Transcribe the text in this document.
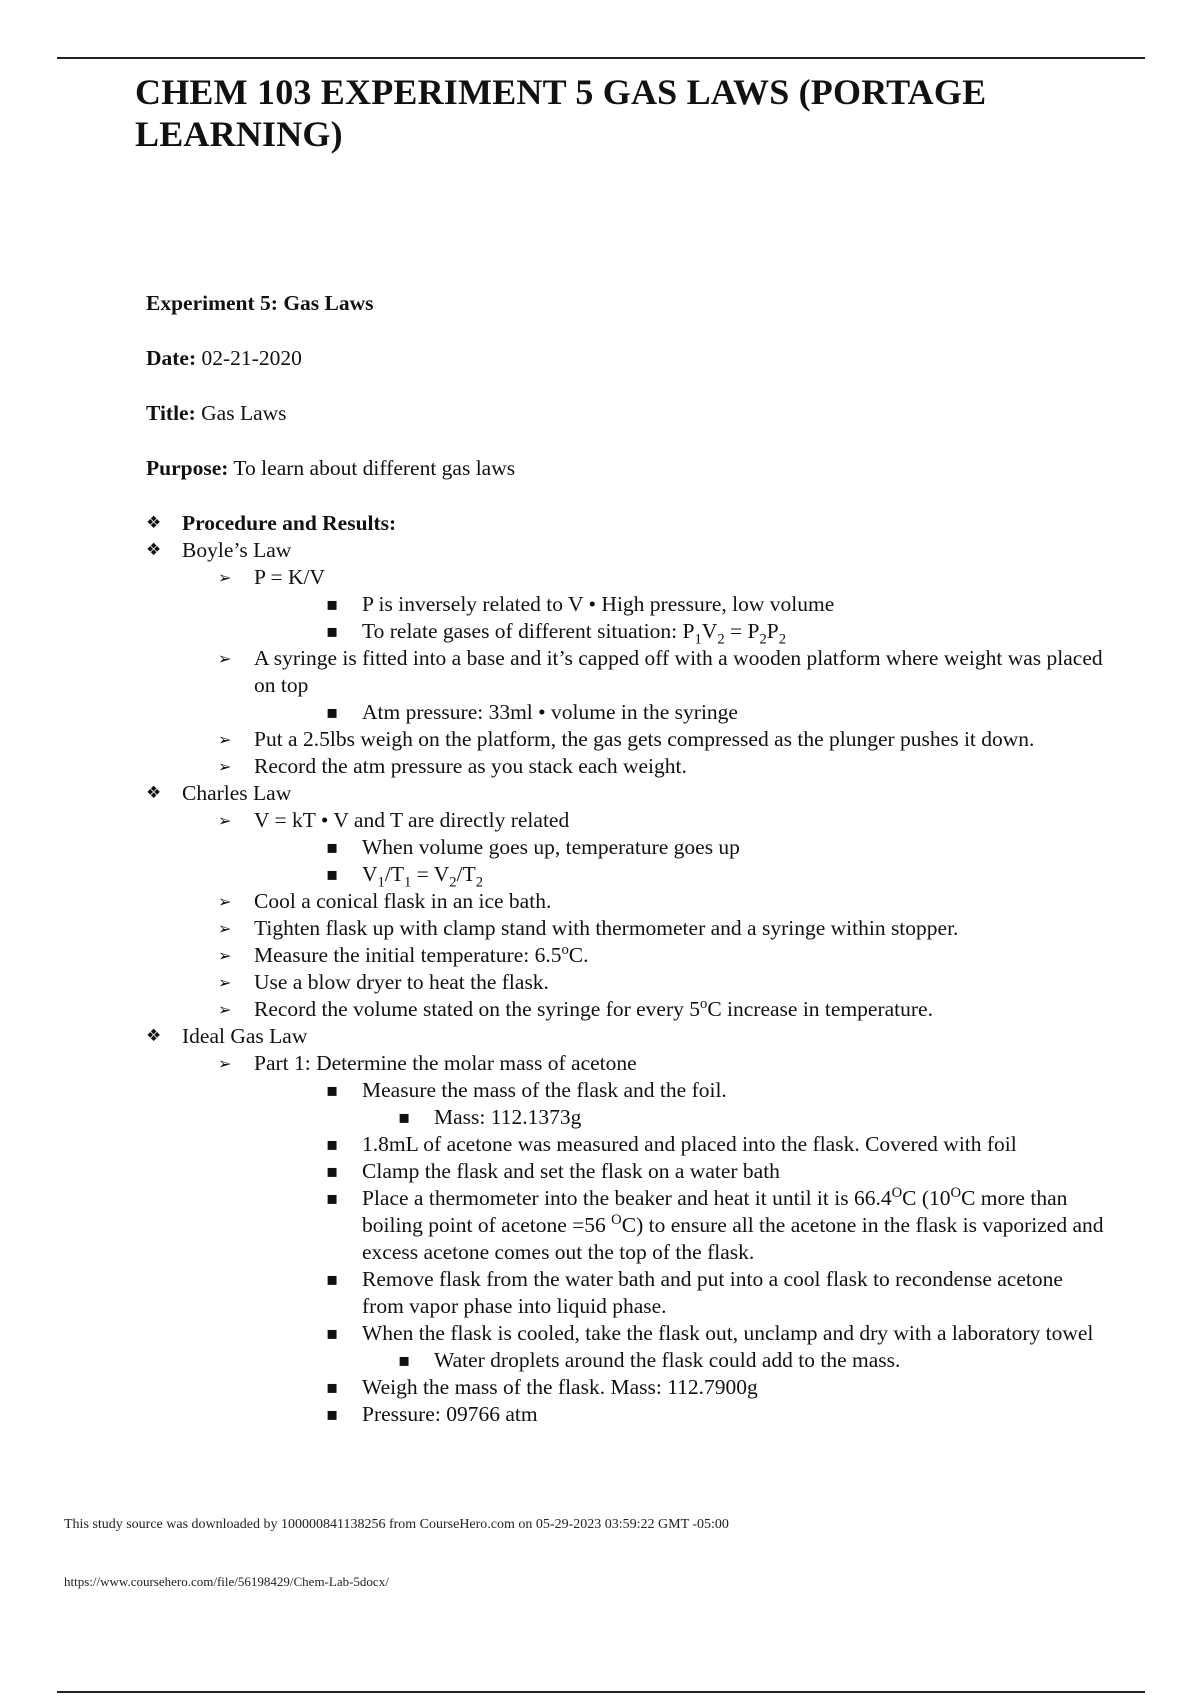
CHEM 103 EXPERIMENT 5 GAS LAWS (PORTAGE LEARNING)
Experiment 5: Gas Laws
Date: 02-21-2020
Title: Gas Laws
Purpose: To learn about different gas laws
❖ Procedure and Results:
❖ Boyle’s Law
➢ P = K/V
▪ P is inversely related to V • High pressure, low volume
▪ To relate gases of different situation: $P_1V_2 = P_2P_2$
➢ A syringe is fitted into a base and it’s capped off with a wooden platform where weight was placed on top
▪ Atm pressure: 33ml • volume in the syringe
➢ Put a 2.5lbs weigh on the platform, the gas gets compressed as the plunger pushes it down.
➢ Record the atm pressure as you stack each weight.
❖ Charles Law
➢ V = kT • V and T are directly related
▪ When volume goes up, temperature goes up
▪ $V_1/T_1 = V_2/T_2$
➢ Cool a conical flask in an ice bath.
➢ Tighten flask up with clamp stand with thermometer and a syringe within stopper.
➢ Measure the initial temperature: 6.5$^o$C.
➢ Use a blow dryer to heat the flask.
➢ Record the volume stated on the syringe for every 5$^o$C increase in temperature.
❖ Ideal Gas Law
➢ Part 1: Determine the molar mass of acetone
▪ Measure the mass of the flask and the foil.
▪ Mass: 112.1373g
▪ 1.8mL of acetone was measured and placed into the flask. Covered with foil
▪ Clamp the flask and set the flask on a water bath
▪ Place a thermometer into the beaker and heat it until it is $66.4^OC$ ($10^OC$ more than boiling point of acetone =56 $^O$C) to ensure all the acetone in the flask is vaporized and excess acetone comes out the top of the flask.
▪ Remove flask from the water bath and put into a cool flask to recondense acetone from vapor phase into liquid phase.
▪ When the flask is cooled, take the flask out, unclamp and dry with a laboratory towel
▪ Water droplets around the flask could add to the mass.
▪ Weigh the mass of the flask. Mass: 112.7900g
▪ Pressure: 09766 atm
This study source was downloaded by 100000841138256 from CourseHero.com on 05-29-2023 03:59:22 GMT -05:00
https://www.coursehero.com/file/56198429/Chem-Lab-5docx/
